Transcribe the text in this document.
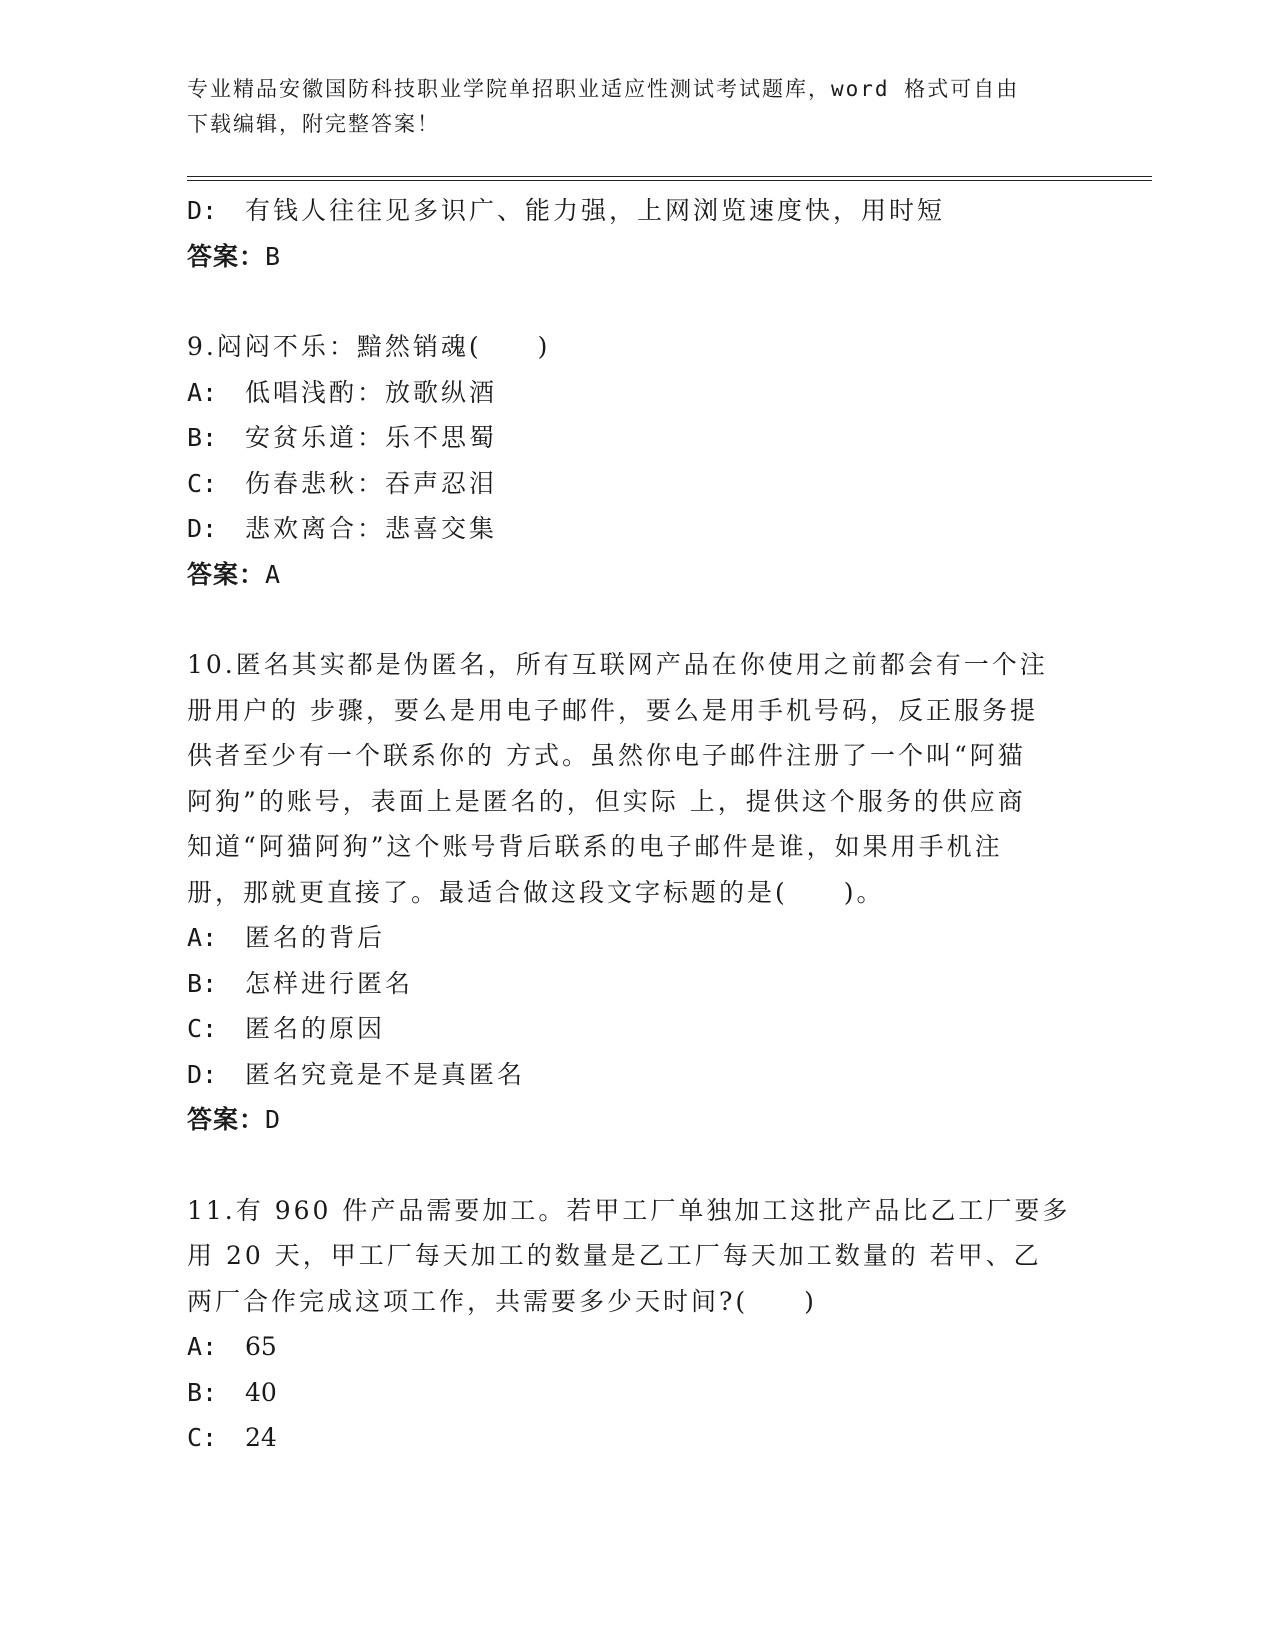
专业精品安徽国防科技职业学院单招职业适应性测试考试题库，word 格式可自由
下载编辑，附完整答案！
D: 有钱人往往见多识广、能力强，上网浏览速度快，用时短
答案：B
9.闷闷不乐：黯然销魂(　　)
A: 低唱浅酌：放歌纵酒
B: 安贫乐道：乐不思蜀
C: 伤春悲秋：吞声忍泪
D: 悲欢离合：悲喜交集
答案：A
10.匿名其实都是伪匿名，所有互联网产品在你使用之前都会有一个注
册用户的 步骤，要么是用电子邮件，要么是用手机号码，反正服务提
供者至少有一个联系你的 方式。虽然你电子邮件注册了一个叫“阿猫
阿狗”的账号，表面上是匿名的，但实际 上，提供这个服务的供应商
知道“阿猫阿狗”这个账号背后联系的电子邮件是谁，如果用手机注
册，那就更直接了。最适合做这段文字标题的是(　　)。
A: 匿名的背后
B: 怎样进行匿名
C: 匿名的原因
D: 匿名究竟是不是真匿名
答案：D
11.有 960 件产品需要加工。若甲工厂单独加工这批产品比乙工厂要多
用 20 天，甲工厂每天加工的数量是乙工厂每天加工数量的 若甲、乙
两厂合作完成这项工作，共需要多少天时间?(　　)
A: 65
B: 40
C: 24
